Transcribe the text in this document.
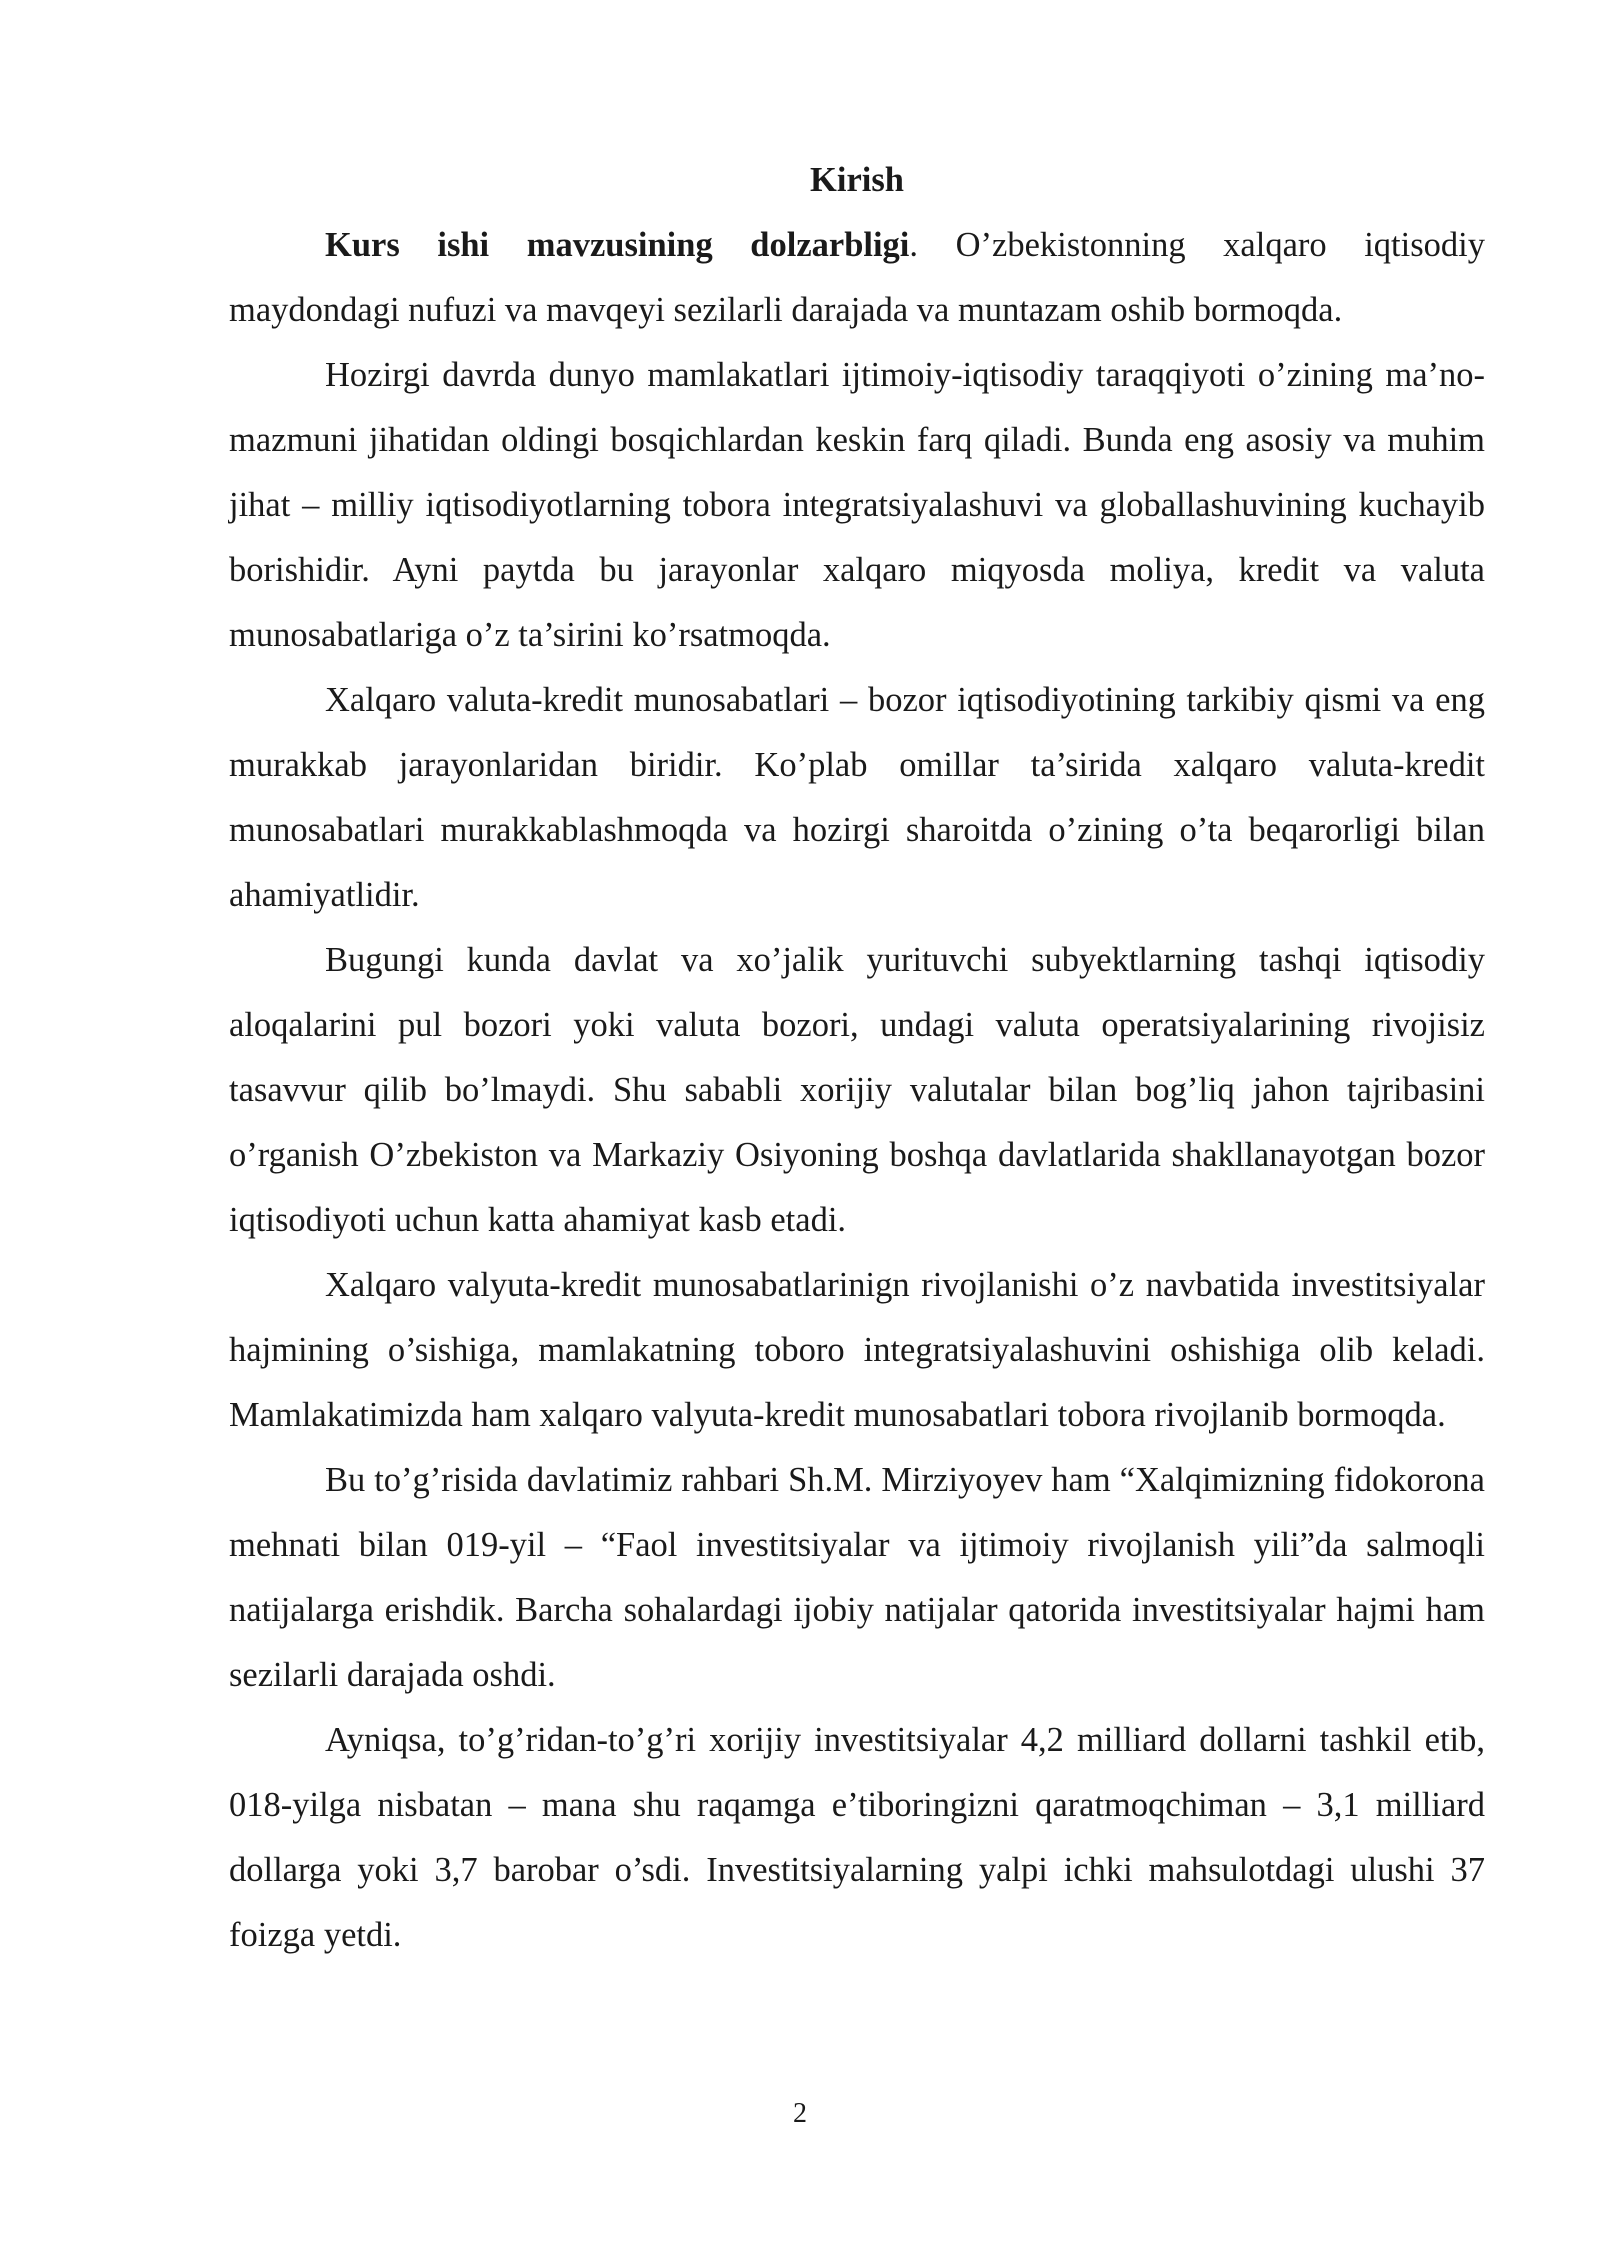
Kirish

Kurs ishi mavzusining dolzarbligi. O’zbekistonning xalqaro iqtisodiy maydondagi nufuzi va mavqeyi sezilarli darajada va muntazam oshib bormoqda.

Hozirgi davrda dunyo mamlakatlari ijtimoiy-iqtisodiy taraqqiyoti o’zining ma’no-mazmuni jihatidan oldingi bosqichlardan keskin farq qiladi. Bunda eng asosiy va muhim jihat – milliy iqtisodiyotlarning tobora integratsiyalashuvi va globallashuvining kuchayib borishidir. Ayni paytda bu jarayonlar xalqaro miqyosda moliya, kredit va valuta munosabatlariga o’z ta’sirini ko’rsatmoqda.

Xalqaro valuta-kredit munosabatlari – bozor iqtisodiyotining tarkibiy qismi va eng murakkab jarayonlaridan biridir. Ko’plab omillar ta’sirida xalqaro valuta-kredit munosabatlari murakkablashmoqda va hozirgi sharoitda o’zining o’ta beqarorligi bilan ahamiyatlidir.

Bugungi kunda davlat va xo’jalik yurituvchi subyektlarning tashqi iqtisodiy aloqalarini pul bozori yoki valuta bozori, undagi valuta operatsiyalarining rivojisiz tasavvur qilib bo’lmaydi. Shu sababli xorijiy valutalar bilan bog’liq jahon tajribasini o’rganish O’zbekiston va Markaziy Osiyoning boshqa davlatlarida shakllanayotgan bozor iqtisodiyoti uchun katta ahamiyat kasb etadi.

Xalqaro valyuta-kredit munosabatlarinign rivojlanishi o’z navbatida investitsiyalar hajmining o’sishiga, mamlakatning toboro integratsiyalashuvini oshishiga olib keladi. Mamlakatimizda ham xalqaro valyuta-kredit munosabatlari tobora rivojlanib bormoqda.

Bu to’g’risida davlatimiz rahbari Sh.M. Mirziyoyev ham “Xalqimizning fidokorona mehnati bilan 019-yil – “Faol investitsiyalar va ijtimoiy rivojlanish yili”da salmoqli natijalarga erishdik. Barcha sohalardagi ijobiy natijalar qatorida investitsiyalar hajmi ham sezilarli darajada oshdi.

Ayniqsa, to’g’ridan-to’g’ri xorijiy investitsiyalar 4,2 milliard dollarni tashkil etib, 018-yilga nisbatan – mana shu raqamga e’tiboringizni qaratmoqchiman – 3,1 milliard dollarga yoki 3,7 barobar o’sdi. Investitsiyalarning yalpi ichki mahsulotdagi ulushi 37 foizga yetdi.

2
